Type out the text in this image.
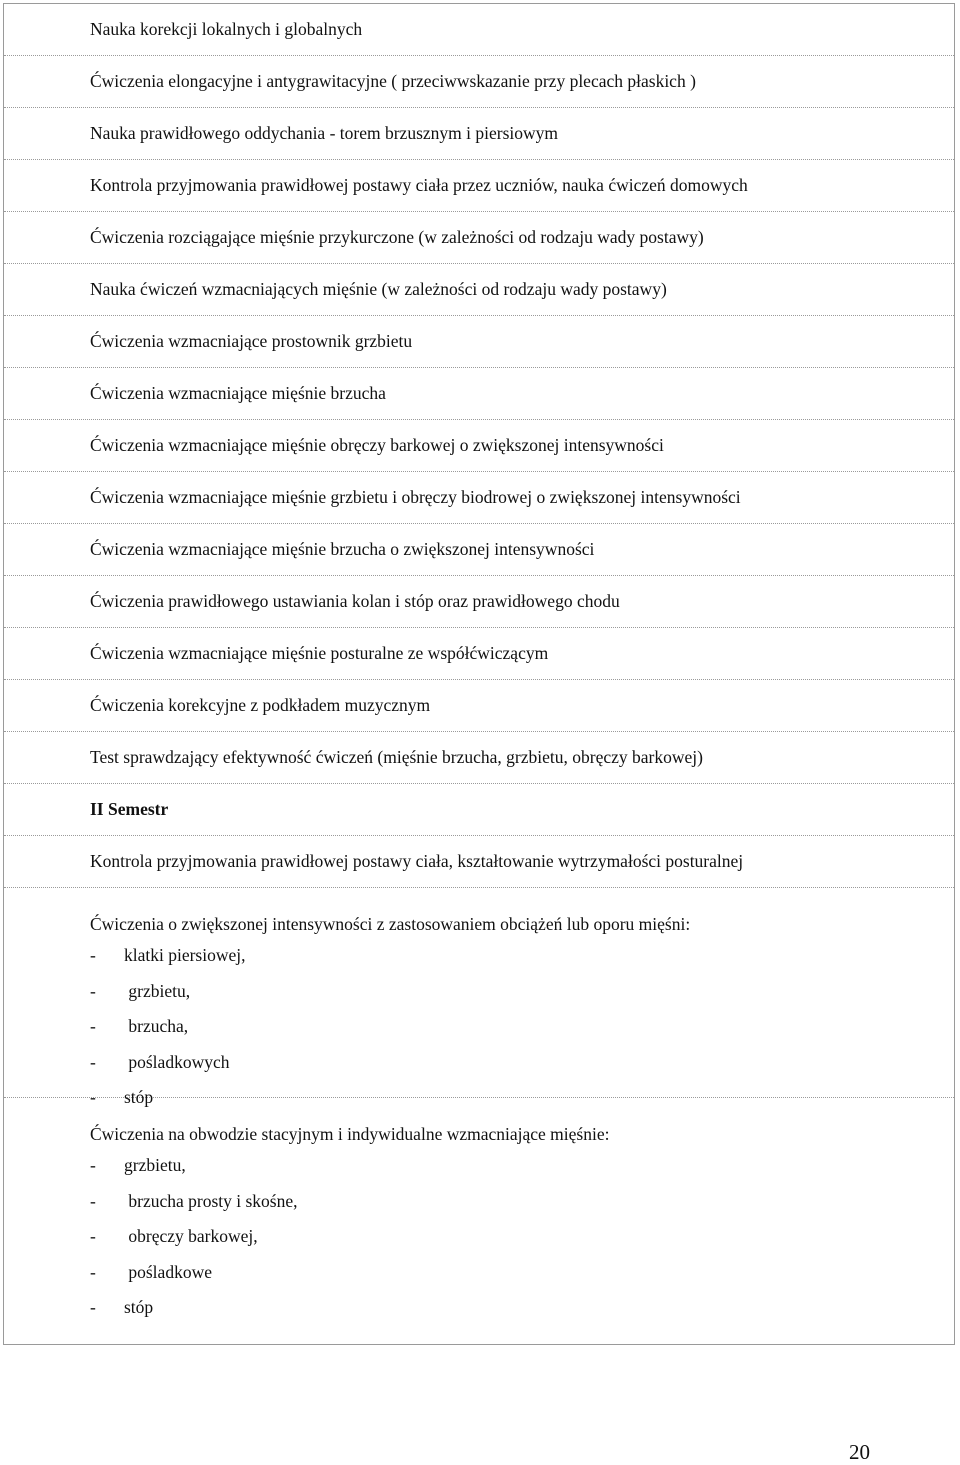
Nauka korekcji lokalnych i globalnych
Ćwiczenia elongacyjne i antygrawitacyjne ( przeciwwskazanie przy plecach płaskich )
Nauka prawidłowego oddychania - torem brzusznym i piersiowym
Kontrola przyjmowania prawidłowej postawy ciała przez uczniów, nauka ćwiczeń domowych
Ćwiczenia rozciągające mięśnie przykurczone (w zależności od rodzaju wady postawy)
Nauka ćwiczeń wzmacniających mięśnie (w zależności od rodzaju wady postawy)
Ćwiczenia wzmacniające prostownik grzbietu
Ćwiczenia wzmacniające mięśnie brzucha
Ćwiczenia wzmacniające mięśnie obręczy barkowej o zwiększonej intensywności
Ćwiczenia wzmacniające mięśnie grzbietu i obręczy biodrowej o zwiększonej intensywności
Ćwiczenia wzmacniające mięśnie brzucha o zwiększonej intensywności
Ćwiczenia prawidłowego ustawiania kolan i stóp oraz prawidłowego chodu
Ćwiczenia wzmacniające mięśnie posturalne ze współćwiczącym
Ćwiczenia korekcyjne z podkładem muzycznym
Test sprawdzający efektywność ćwiczeń (mięśnie brzucha, grzbietu, obręczy barkowej)
II Semestr
Kontrola przyjmowania prawidłowej postawy ciała, kształtowanie wytrzymałości posturalnej
Ćwiczenia o zwiększonej intensywności z zastosowaniem obciążeń lub oporu mięśni:
-	klatki piersiowej,
-	grzbietu,
-	brzucha,
-	pośladkowych
-	stóp
Ćwiczenia na obwodzie stacyjnym i indywidualne wzmacniające mięśnie:
-	grzbietu,
-	brzucha prosty i skośne,
-	obręczy barkowej,
-	pośladkowe
-	stóp
20
